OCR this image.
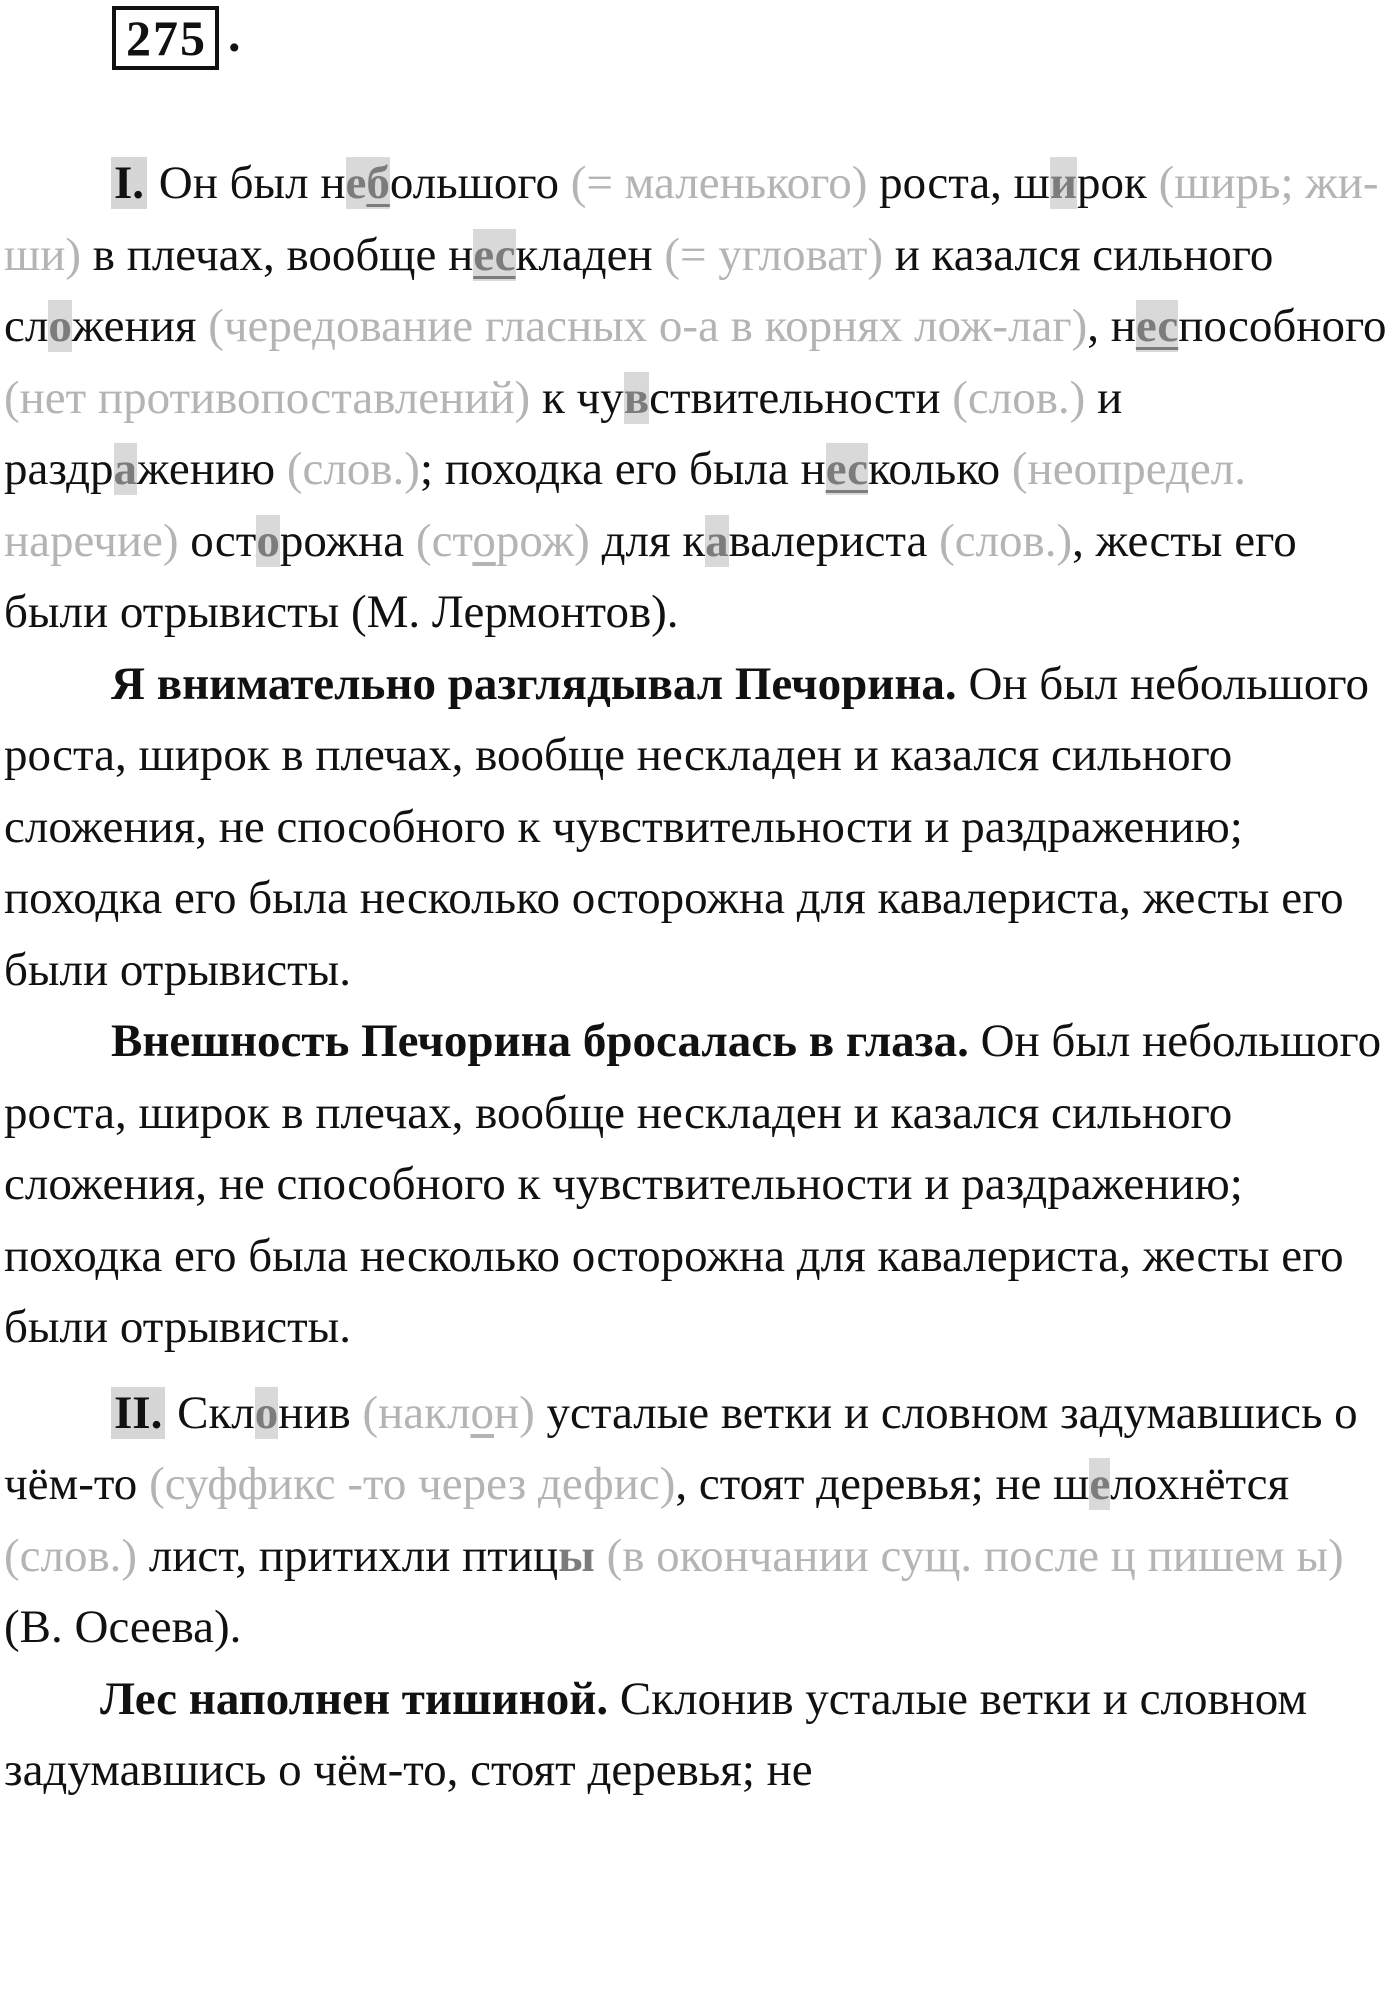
275 .

I. Он был небольшого (= маленького) роста, широк (ширь; жи-ши) в плечах, вообще нескладен (= угловат) и казался сильного сложения (чередование гласных о-а в корнях лож-лаг), неспособного (нет противопоставлений) к чувствительности (слов.) и раздражению (слов.); походка его была несколько (неопредел. наречие) осторожна (сторож) для кавалериста (слов.), жесты его были отрывисты (М. Лермонтов).

Я внимательно разглядывал Печорина. Он был небольшого роста, широк в плечах, вообще нескладен и казался сильного сложения, не способного к чувствительности и раздражению; походка его была несколько осторожна для кавалериста, жесты его были отрывисты.

Внешность Печорина бросалась в глаза. Он был небольшого роста, широк в плечах, вообще нескладен и казался сильного сложения, не способного к чувствительности и раздражению; походка его была несколько осторожна для кавалериста, жесты его были отрывисты.

II. Склонив (наклон) усталые ветки и словном задумавшись о чём-то (суффикс -то через дефис), стоят деревья; не шелохнётся (слов.) лист, притихли птицы (в окончании сущ. после ц пишем ы) (В. Осеева).

Лес наполнен тишиной. Склонив усталые ветки и словном задумавшись о чём-то, стоят деревья; не
